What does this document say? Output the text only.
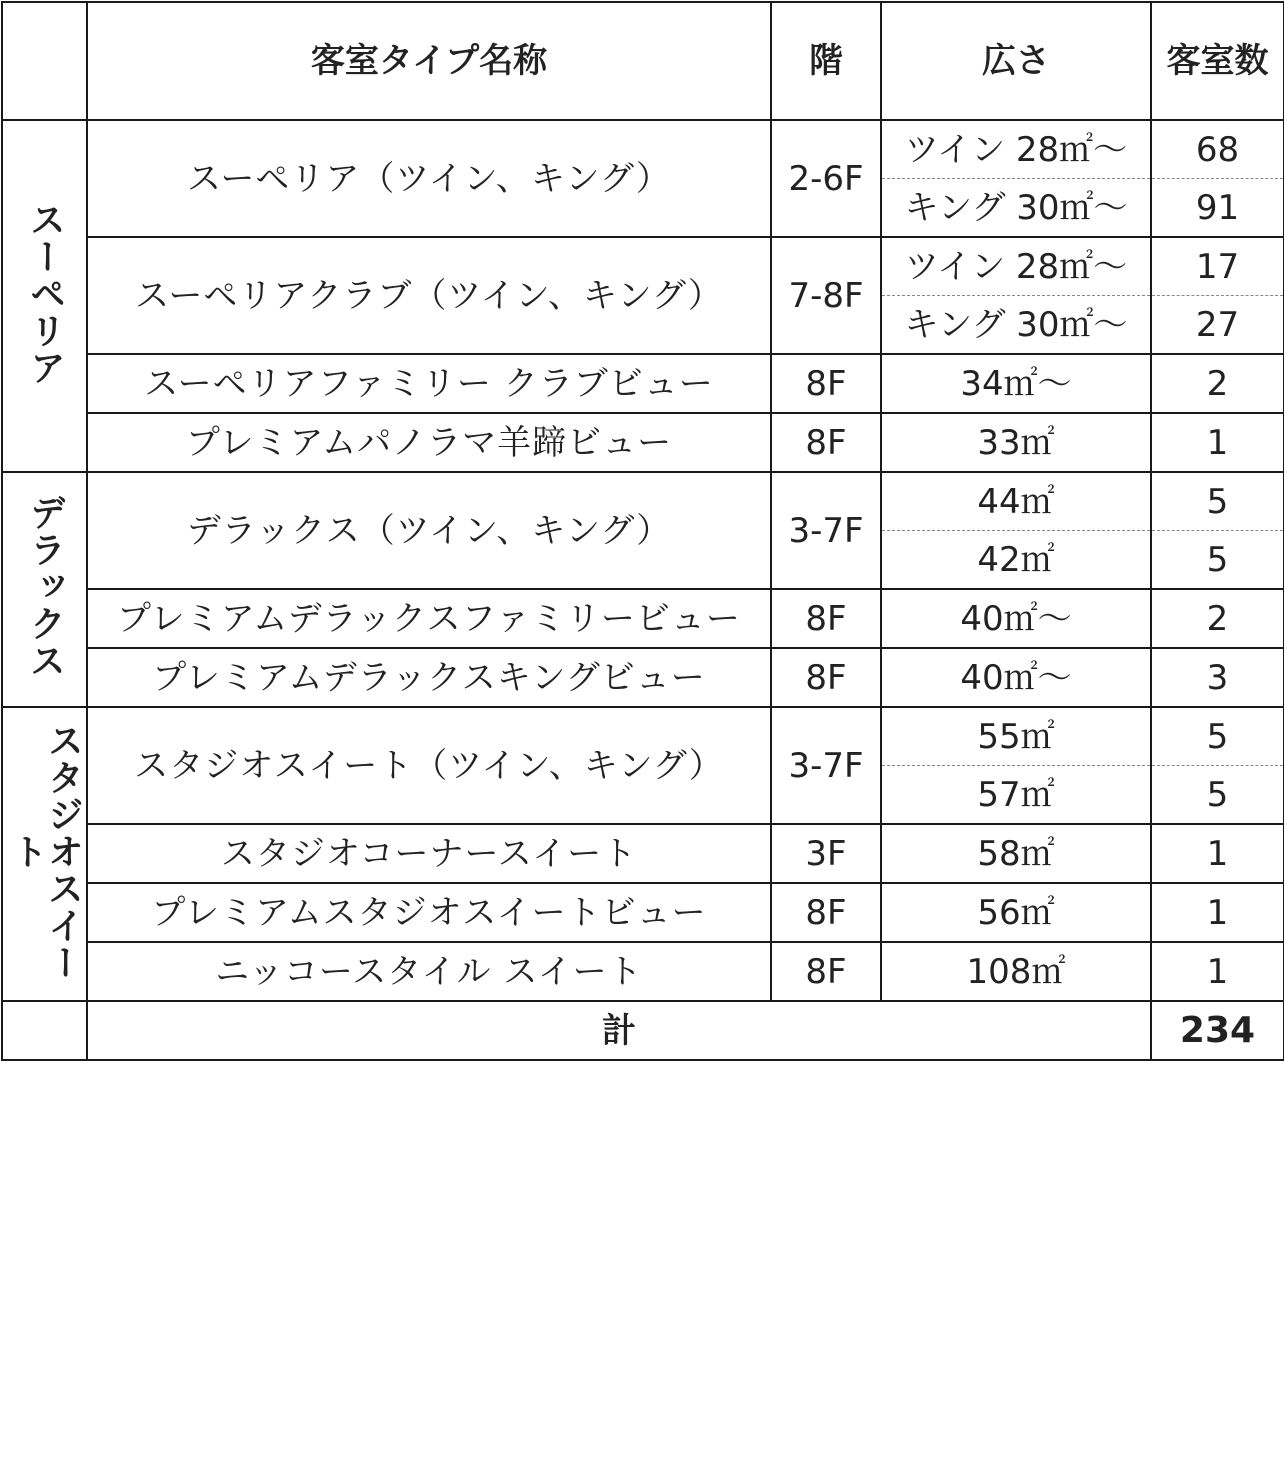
	客室タイプ名称	階	広さ	客室数
スーペリア	スーペリア（ツイン、キング）	2-6F	ツイン 28㎡～	68
			キング 30㎡～	91
	スーペリアクラブ（ツイン、キング）	7-8F	ツイン 28㎡～	17
			キング 30㎡～	27
	スーペリアファミリー クラブビュー	8F	34㎡～	2

	プレミアムパノラマ羊蹄ビュー	8F	33㎡	1

デラックス	デラックス（ツイン、キング）	3-7F	44㎡	5
			42㎡	5
	プレミアムデラックスファミリービュー	8F	40㎡～	2

	プレミアムデラックスキングビュー	8F	40㎡～	3

スタジオスイート	スタジオスイート（ツイン、キング）	3-7F	55㎡	5
			57㎡	5
	スタジオコーナースイート	3F	58㎡	1

	プレミアムスタジオスイートビュー	8F	56㎡	1

	ニッコースタイル スイート	8F	108㎡	1

	計			234
